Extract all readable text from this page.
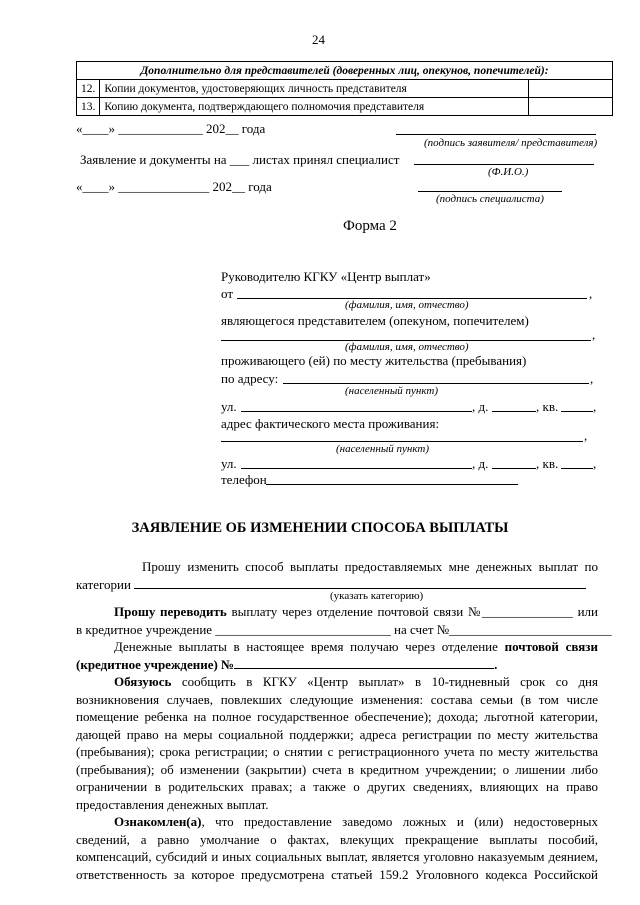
24
Дополнительно для представителей (доверенных лиц, опекунов, попечителей):		
12.	Копии документов, удостоверяющих личность представителя	
13.	Копию документа, подтверждающего полномочия представителя	
«____» _____________ 202__ года
(подпись заявителя/ представителя)
Заявление и документы на ___ листах принял специалист
(Ф.И.О.)
«____» ______________ 202__ года
(подпись специалиста)
Форма 2
Руководителю КГКУ «Центр выплат»
от	,
(фамилия, имя, отчество)
являющегося представителем (опекуном, попечителем)
,
(фамилия, имя, отчество)
проживающего (ей) по месту жительства (пребывания)
по адресу:	,
(населенный пункт)
ул.	, д.	, кв.	,
адрес фактического места проживания:
,
(населенный пункт)
ул.	, д.	, кв.	,
телефон
ЗАЯВЛЕНИЕ ОБ ИЗМЕНЕНИИ СПОСОБА ВЫПЛАТЫ
Прошу изменить способ выплаты предоставляемых мне денежных выплат по
категории
(указать категорию)
Прошу переводить выплату через отделение почтовой связи №______________ или
в кредитное учреждение ___________________________ на счет №_________________________
Денежные выплаты в настоящее время получаю через отделение почтовой связи
(кредитное учреждение) №	.
Обязуюсь сообщить в КГКУ «Центр выплат» в 10-тидневный срок со дня
возникновения случаев, повлекших следующие изменения: состава семьи (в том числе
помещение ребенка на полное государственное обеспечение); дохода; льготной категории,
дающей право на меры социальной поддержки; адреса регистрации по месту жительства
(пребывания); срока регистрации; о снятии с регистрационного учета по месту жительства
(пребывания); об изменении (закрытии) счета в кредитном учреждении; о лишении либо
ограничении в родительских правах; а также о других сведениях, влияющих на право
предоставления денежных выплат.
Ознакомлен(а), что предоставление заведомо ложных и (или) недостоверных
сведений, а равно умолчание о фактах, влекущих прекращение выплаты пособий,
компенсаций, субсидий и иных социальных выплат, является уголовно наказуемым деянием,
ответственность за которое предусмотрена статьей 159.2 Уголовного кодекса Российской
